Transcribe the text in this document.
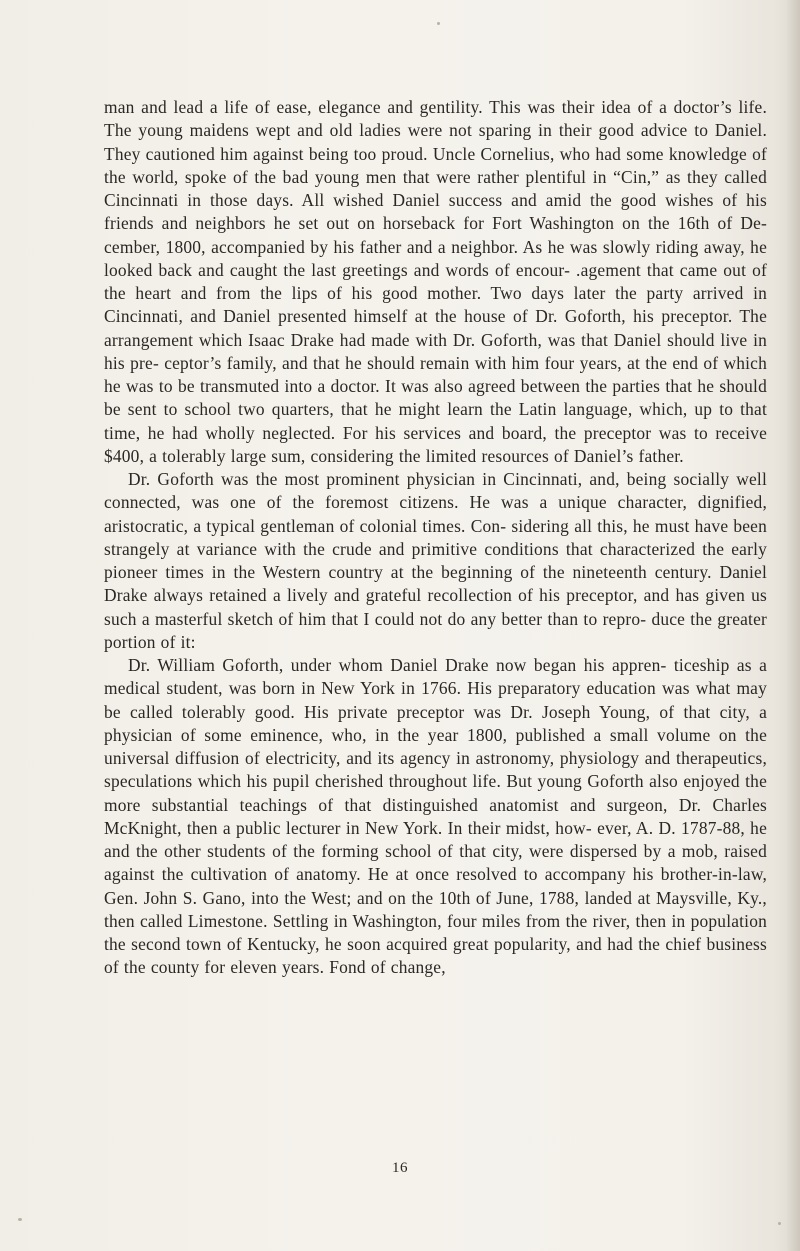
man and lead a life of ease, elegance and gentility. This was their idea of a doctor’s life. The young maidens wept and old ladies were not sparing in their good advice to Daniel. They cautioned him against being too proud. Uncle Cornelius, who had some knowledge of the world, spoke of the bad young men that were rather plentiful in “Cin,” as they called Cincinnati in those days. All wished Daniel success and amid the good wishes of his friends and neighbors he set out on horseback for Fort Washington on the 16th of De- cember, 1800, accompanied by his father and a neighbor. As he was slowly riding away, he looked back and caught the last greetings and words of encour- .agement that came out of the heart and from the lips of his good mother. Two days later the party arrived in Cincinnati, and Daniel presented himself at the house of Dr. Goforth, his preceptor. The arrangement which Isaac Drake had made with Dr. Goforth, was that Daniel should live in his pre- ceptor’s family, and that he should remain with him four years, at the end of which he was to be transmuted into a doctor. It was also agreed between the parties that he should be sent to school two quarters, that he might learn the Latin language, which, up to that time, he had wholly neglected. For his services and board, the preceptor was to receive $400, a tolerably large sum, considering the limited resources of Daniel’s father.

Dr. Goforth was the most prominent physician in Cincinnati, and, being socially well connected, was one of the foremost citizens. He was a unique character, dignified, aristocratic, a typical gentleman of colonial times. Con- sidering all this, he must have been strangely at variance with the crude and primitive conditions that characterized the early pioneer times in the Western country at the beginning of the nineteenth century. Daniel Drake always retained a lively and grateful recollection of his preceptor, and has given us such a masterful sketch of him that I could not do any better than to repro- duce the greater portion of it:

Dr. William Goforth, under whom Daniel Drake now began his appren- ticeship as a medical student, was born in New York in 1766. His preparatory education was what may be called tolerably good. His private preceptor was Dr. Joseph Young, of that city, a physician of some eminence, who, in the year 1800, published a small volume on the universal diffusion of electricity, and its agency in astronomy, physiology and therapeutics, speculations which his pupil cherished throughout life. But young Goforth also enjoyed the more substantial teachings of that distinguished anatomist and surgeon, Dr. Charles McKnight, then a public lecturer in New York. In their midst, how- ever, A. D. 1787-88, he and the other students of the forming school of that city, were dispersed by a mob, raised against the cultivation of anatomy. He at once resolved to accompany his brother-in-law, Gen. John S. Gano, into the West; and on the 10th of June, 1788, landed at Maysville, Ky., then called Limestone. Settling in Washington, four miles from the river, then in population the second town of Kentucky, he soon acquired great popularity, and had the chief business of the county for eleven years. Fond of change,

16
